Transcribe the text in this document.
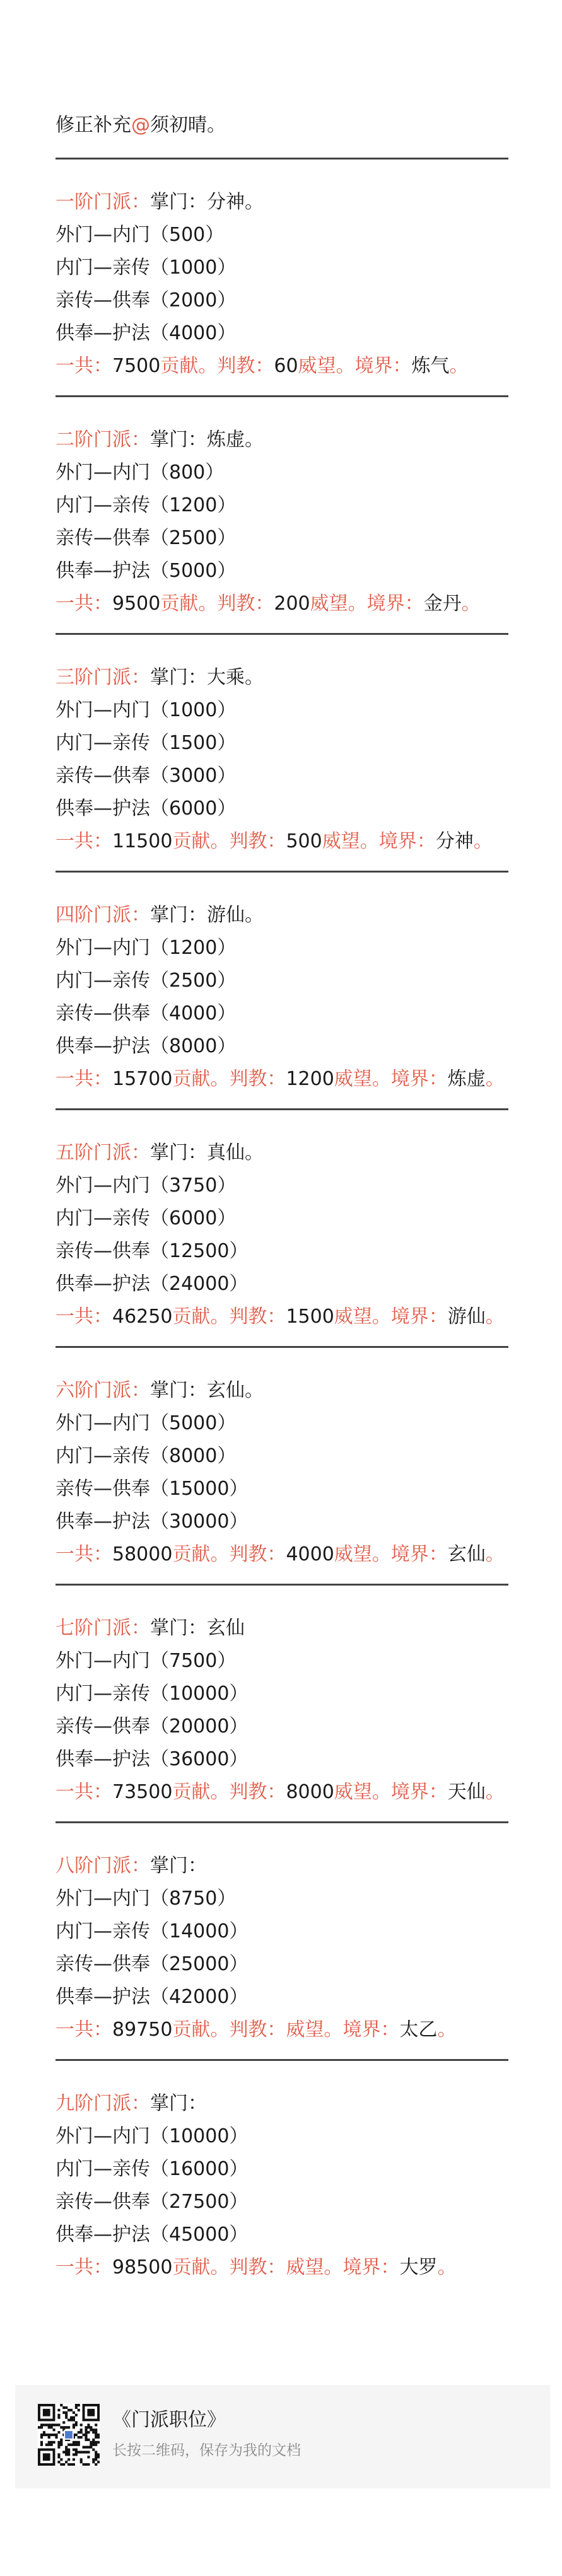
修正补充@须初晴。
一阶门派：掌门：分神。
外门—内门（500）
内门—亲传（1000）
亲传—供奉（2000）
供奉—护法（4000）
一共：7500贡献。判教：60威望。境界：炼气。
二阶门派：掌门：炼虚。
外门—内门（800）
内门—亲传（1200）
亲传—供奉（2500）
供奉—护法（5000）
一共：9500贡献。判教：200威望。境界：金丹。
三阶门派：掌门：大乘。
外门—内门（1000）
内门—亲传（1500）
亲传—供奉（3000）
供奉—护法（6000）
一共：11500贡献。判教：500威望。境界：分神。
四阶门派：掌门：游仙。
外门—内门（1200）
内门—亲传（2500）
亲传—供奉（4000）
供奉—护法（8000）
一共：15700贡献。判教：1200威望。境界：炼虚。
五阶门派：掌门：真仙。
外门—内门（3750）
内门—亲传（6000）
亲传—供奉（12500）
供奉—护法（24000）
一共：46250贡献。判教：1500威望。境界：游仙。
六阶门派：掌门：玄仙。
外门—内门（5000）
内门—亲传（8000）
亲传—供奉（15000）
供奉—护法（30000）
一共：58000贡献。判教：4000威望。境界：玄仙。
七阶门派：掌门：玄仙
外门—内门（7500）
内门—亲传（10000）
亲传—供奉（20000）
供奉—护法（36000）
一共：73500贡献。判教：8000威望。境界：天仙。
八阶门派：掌门：
外门—内门（8750）
内门—亲传（14000）
亲传—供奉（25000）
供奉—护法（42000）
一共：89750贡献。判教：威望。境界：太乙。
九阶门派：掌门：
外门—内门（10000）
内门—亲传（16000）
亲传—供奉（27500）
供奉—护法（45000）
一共：98500贡献。判教：威望。境界：大罗。
《门派职位》
长按二维码，保存为我的文档
